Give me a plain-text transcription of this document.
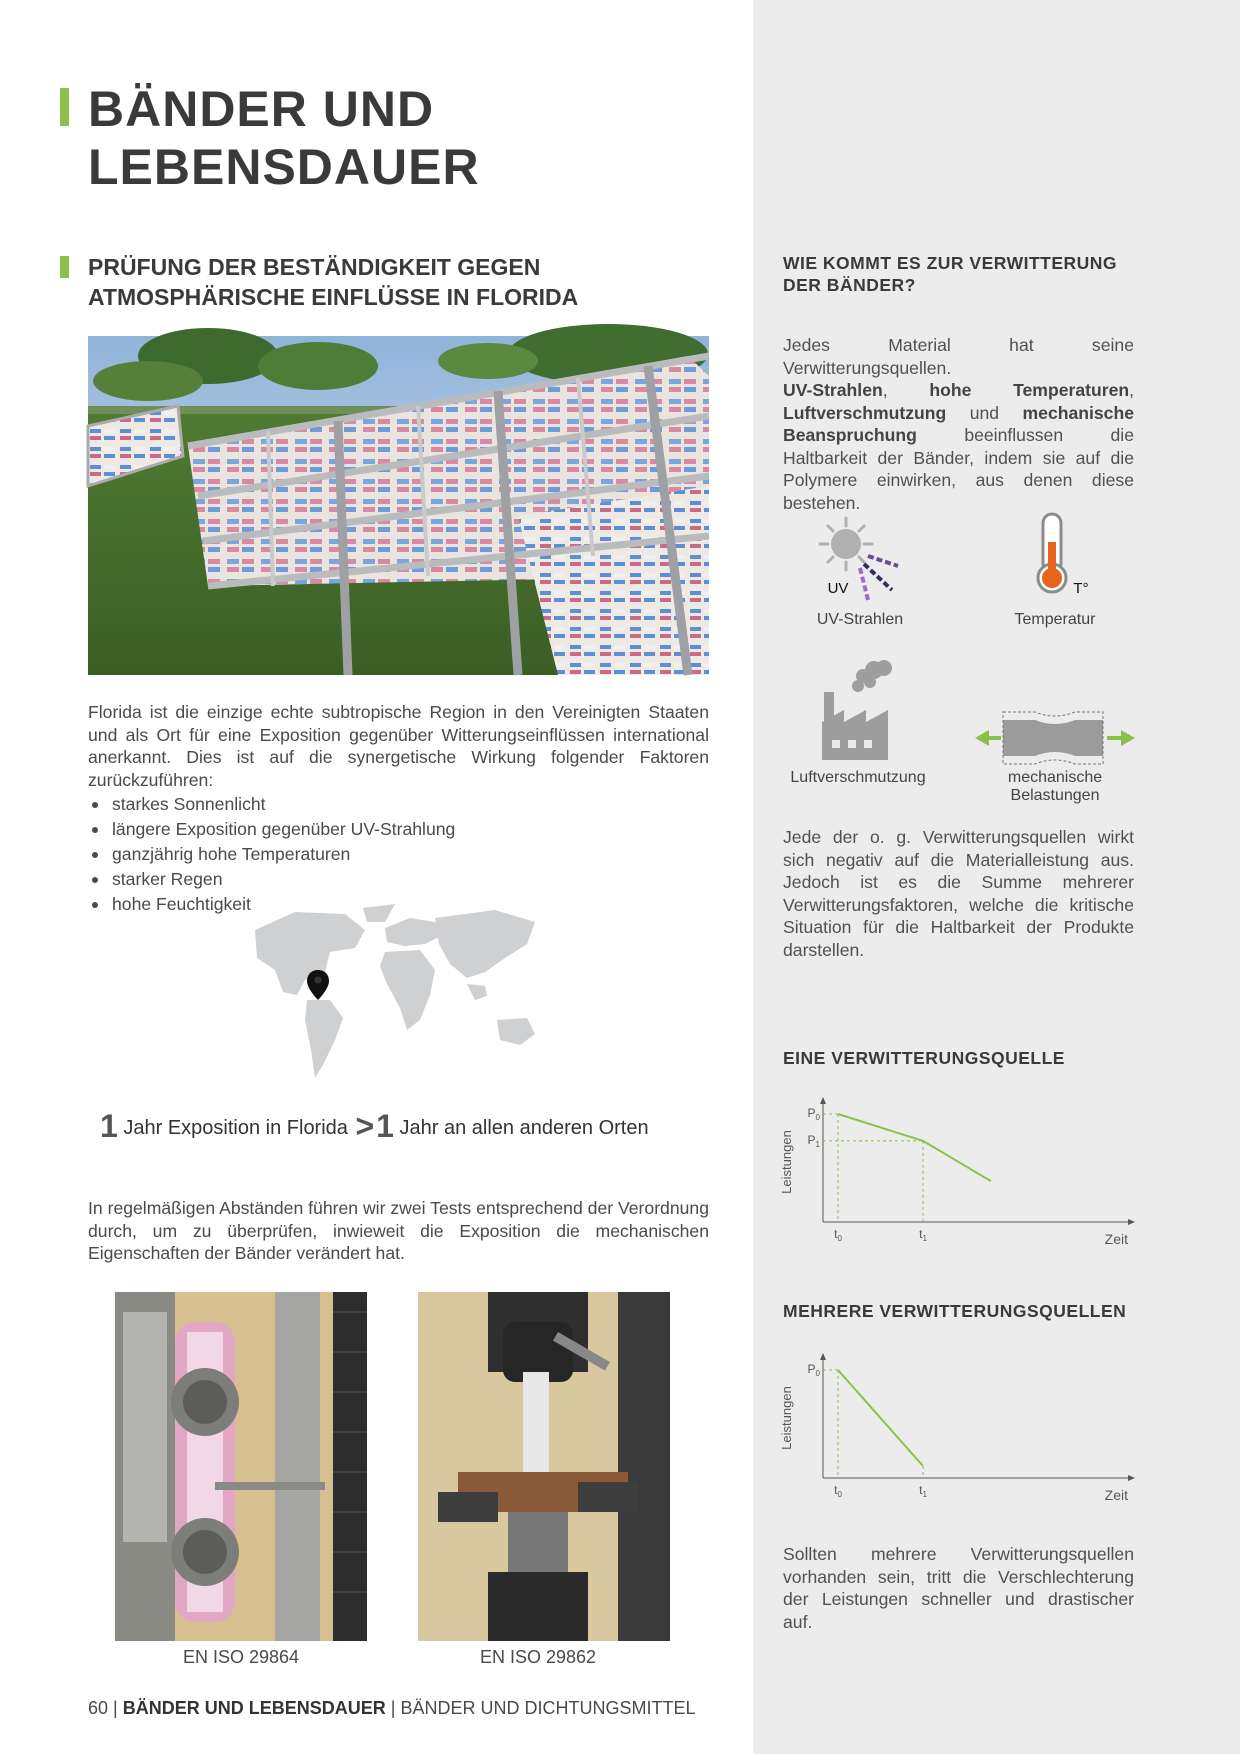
BÄNDER UND
LEBENSDAUER
PRÜFUNG DER BESTÄNDIGKEIT GEGEN
ATMOSPHÄRISCHE EINFLÜSSE IN FLORIDA

Florida ist die einzige echte subtropische Region in den Vereinigten Staaten und als Ort für eine Exposition gegenüber Witterungseinflüssen international anerkannt. Dies ist auf die synergetische Wirkung folgender Faktoren zurückzuführen:

starkes Sonnenlicht
längere Exposition gegenüber UV-Strahlung
ganzjährig hohe Temperaturen
starker Regen
hohe Feuchtigkeit
1 Jahr Exposition in Florida >1 Jahr an allen anderen Orten

In regelmäßigen Abständen führen wir zwei Tests entsprechend der Verordnung durch, um zu überprüfen, inwieweit die Exposition die mechanischen Eigenschaften der Bänder verändert hat.

EN ISO 29864	EN ISO 29862
60 | BÄNDER UND LEBENSDAUER | BÄNDER UND DICHTUNGSMITTEL
WIE KOMMT ES ZUR VERWITTERUNG DER BÄNDER?

Jedes Material hat seine Verwitterungsquellen.
UV-Strahlen, hohe Temperaturen, Luftverschmutzung und mechanische Beanspruchung beeinflussen die Haltbarkeit der Bänder, indem sie auf die Polymere einwirken, aus denen diese bestehen.

UV
UV-Strahlen
T°
Temperatur
Luftverschmutzung	mechanische
Belastungen

Jede der o. g. Verwitterungsquellen wirkt sich negativ auf die Materialleistung aus. Jedoch ist es die Summe mehrerer Verwitterungsfaktoren, welche die kritische Situation für die Haltbarkeit der Produkte darstellen.

EINE VERWITTERUNGSQUELLE
Leistungen
Zeit
$P_0$
$P_1$
$t_0$	$t_1$
MEHRERE VERWITTERUNGSQUELLEN
Leistungen
Zeit
$P_0$
$t_0$	$t_1$

Sollten mehrere Verwitterungsquellen vorhanden sein, tritt die Verschlechterung der Leistungen schneller und drastischer auf.
